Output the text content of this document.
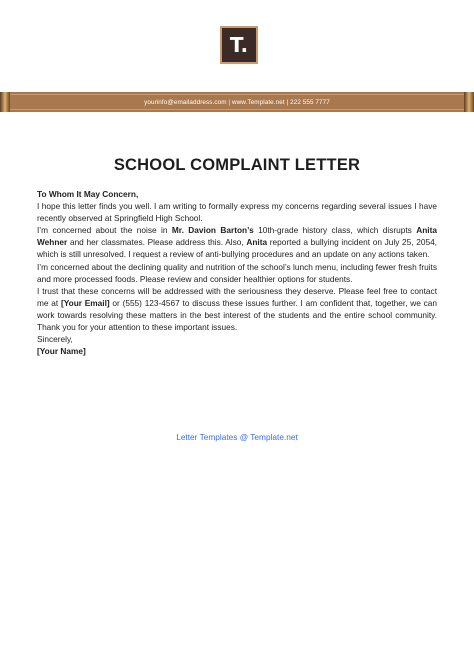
T.
yourinfo@emailaddress.com | www.Template.net | 222 555 7777
SCHOOL COMPLAINT LETTER

To Whom It May Concern,

I hope this letter finds you well. I am writing to formally express my concerns regarding several issues I have recently observed at Springfield High School.

I’m concerned about the noise in Mr. Davion Barton’s 10th-grade history class, which disrupts Anita Wehner and her classmates. Please address this. Also, Anita reported a bullying incident on July 25, 2054, which is still unresolved. I request a review of anti-bullying procedures and an update on any actions taken.

I’m concerned about the declining quality and nutrition of the school’s lunch menu, including fewer fresh fruits and more processed foods. Please review and consider healthier options for students.

I trust that these concerns will be addressed with the seriousness they deserve. Please feel free to contact me at [Your Email] or (555) 123-4567 to discuss these issues further. I am confident that, together, we can work towards resolving these matters in the best interest of the students and the entire school community. Thank you for your attention to these important issues.

Sincerely,

[Your Name]

Letter Templates @ Template.net
